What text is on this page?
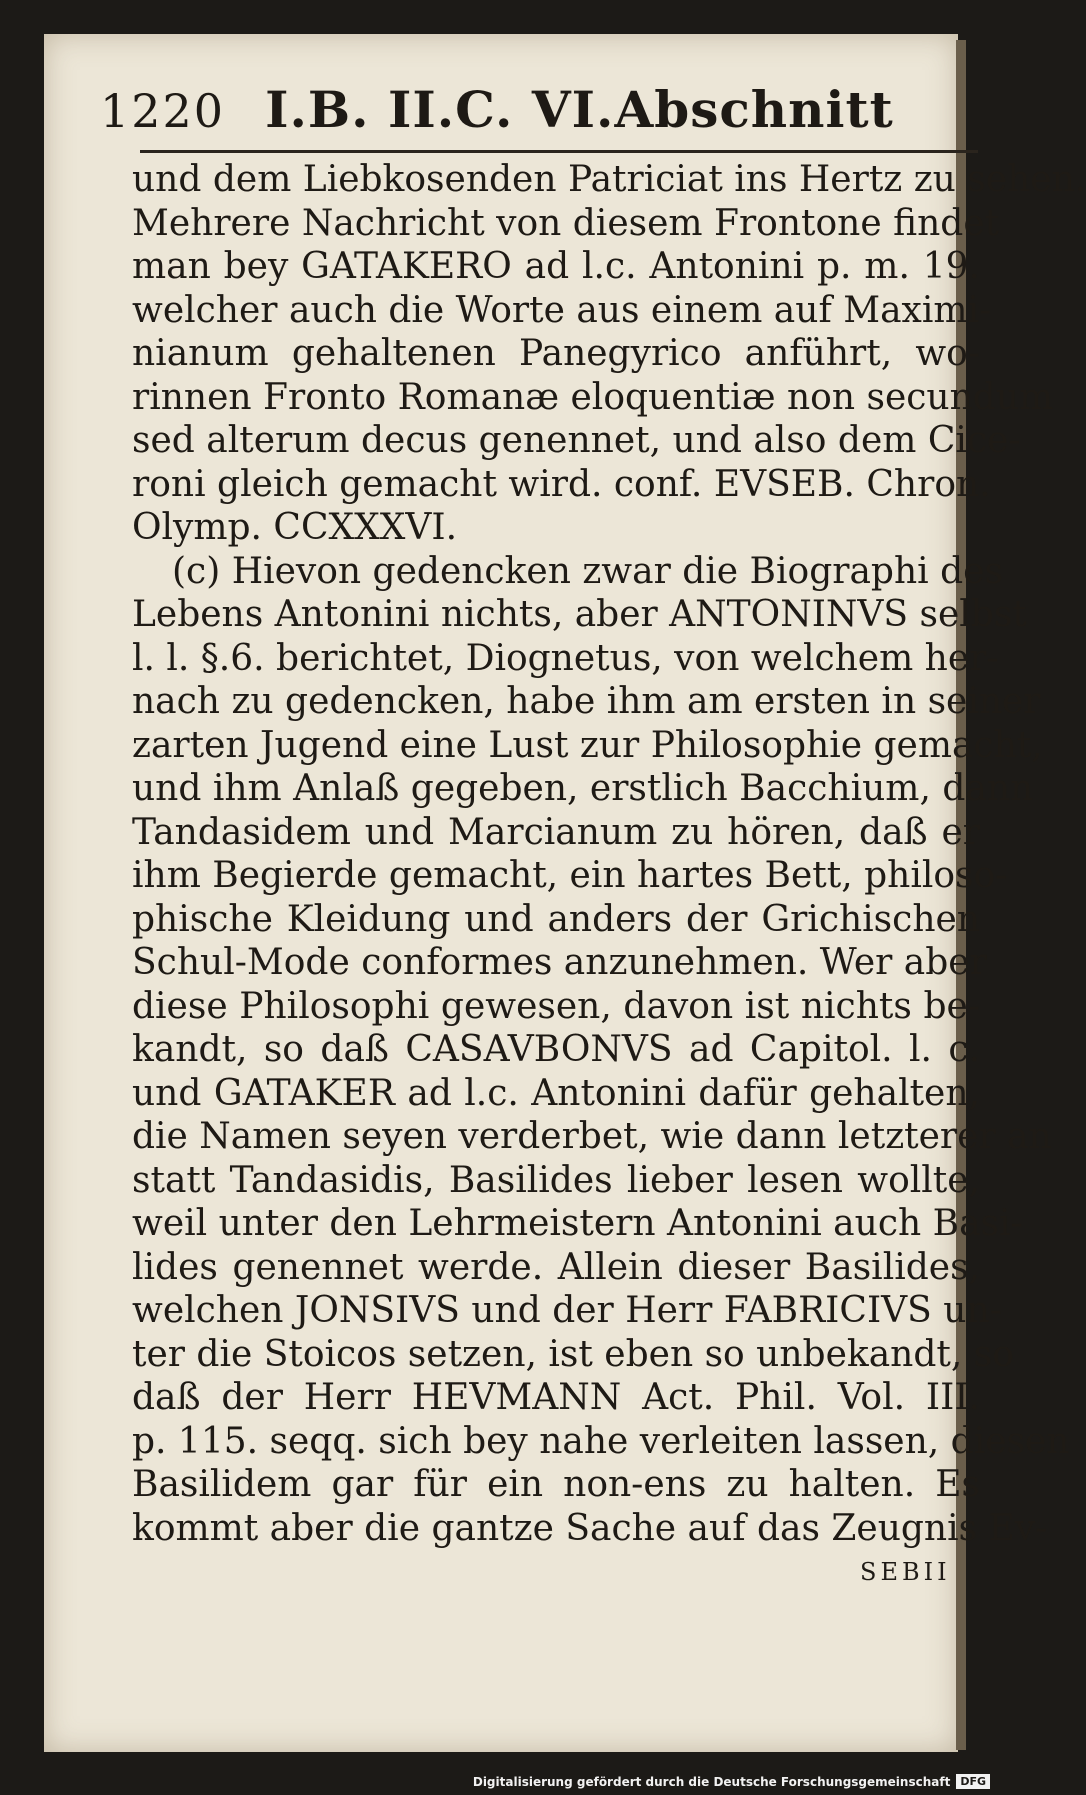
1220 I.B. II.C. VI.Abschnitt
und dem Liebkosenden Patriciat ins Hertz zu sehen.
Mehrere Nachricht von diesem Frontone findet
man bey GATAKERO ad l.c. Antonini p. m. 19.
welcher auch die Worte aus einem auf Maximi-
nianum gehaltenen Panegyrico anführt, wo-
rinnen Fronto Romanæ eloquentiæ non secundum
sed alterum decus genennet, und also dem Cice-
roni gleich gemacht wird. conf. EVSEB. Chron.
Olymp. CCXXXVI.
(c) Hievon gedencken zwar die Biographi des
Lebens Antonini nichts, aber ANTONINVS selbst
l. l. §.6. berichtet, Diognetus, von welchem her-
nach zu gedencken, habe ihm am ersten in seiner
zarten Jugend eine Lust zur Philosophie gemacht,
und ihm Anlaß gegeben, erstlich Bacchium, dann
Tandasidem und Marcianum zu hören, daß er
ihm Begierde gemacht, ein hartes Bett, philoso-
phische Kleidung und anders der Grichischen
Schul-Mode conformes anzunehmen. Wer aber
diese Philosophi gewesen, davon ist nichts be-
kandt, so daß CASAVBONVS ad Capitol. l. c.
und GATAKER ad l.c. Antonini dafür gehalten,
die Namen seyen verderbet, wie dann letzterer an
statt Tandasidis, Basilides lieber lesen wollte,
weil unter den Lehrmeistern Antonini auch Basi-
lides genennet werde. Allein dieser Basilides,
welchen JONSIVS und der Herr FABRICIVS un-
ter die Stoicos setzen, ist eben so unbekandt, so
daß der Herr HEVMANN Act. Phil. Vol. III.
p. 115. seqq. sich bey nahe verleiten lassen, diesen
Basilidem gar für ein non-ens zu halten. Es
kommt aber die gantze Sache auf das Zeugnis Ev-
SEBII
Digitalisierung gefördert durch die Deutsche Forschungsgemeinschaft DFG
